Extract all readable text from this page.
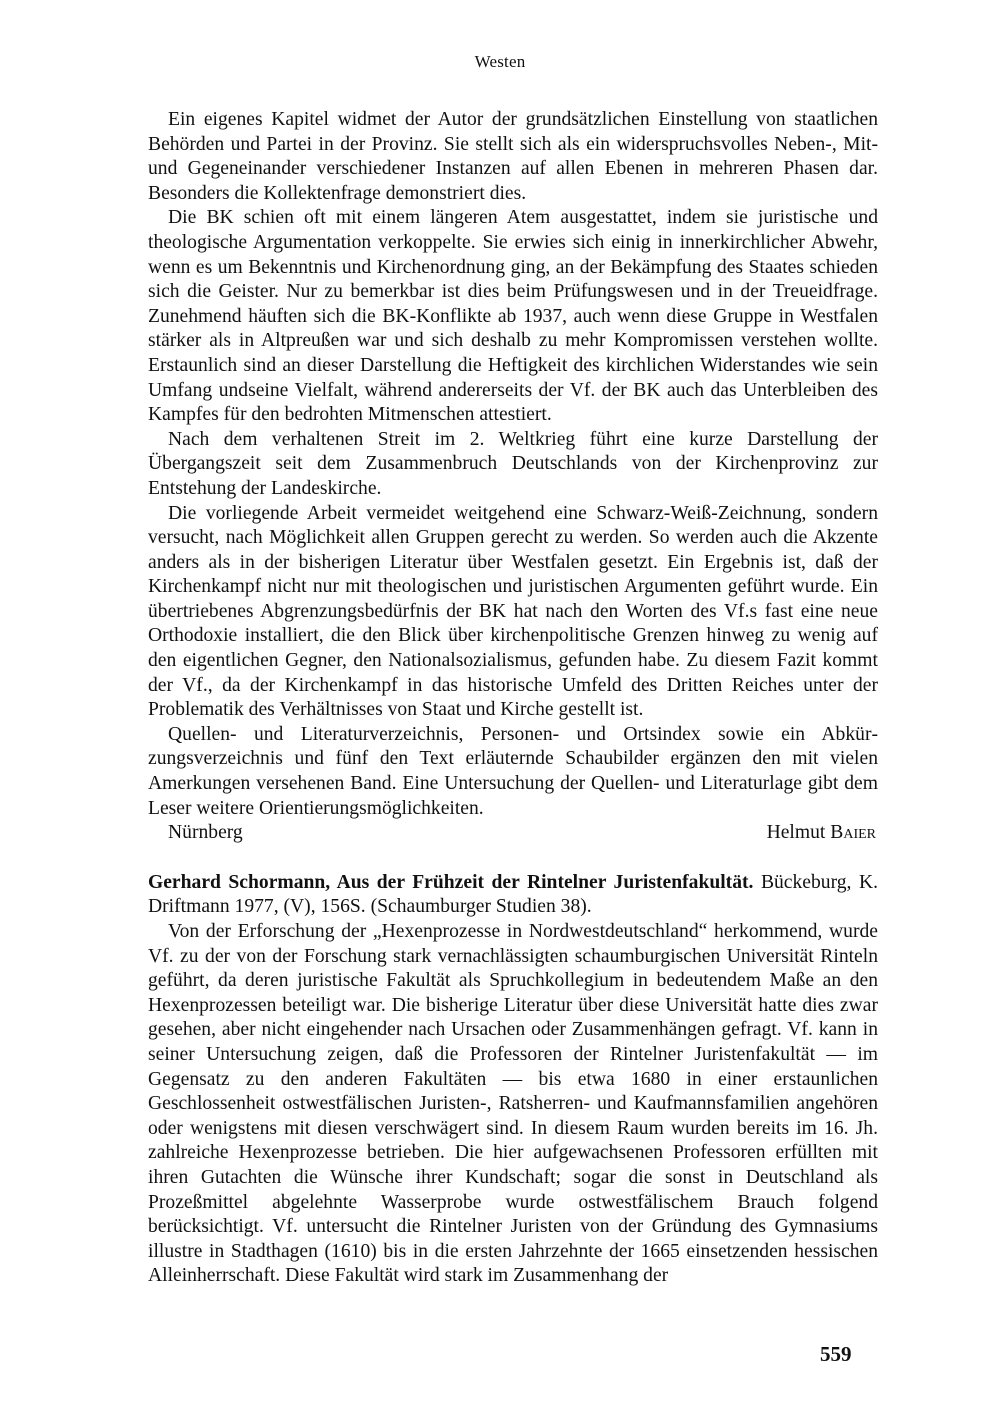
Westen

Ein eigenes Kapitel widmet der Autor der grundsätzlichen Einstellung von staatlichen Behörden und Partei in der Provinz. Sie stellt sich als ein widerspruchsvolles Neben-, Mit- und Gegeneinander verschiedener Instanzen auf allen Ebenen in mehreren Phasen dar. Besonders die Kollektenfrage demonstriert dies.

Die BK schien oft mit einem längeren Atem ausgestattet, indem sie juristische und theologische Argumentation verkoppelte. Sie erwies sich einig in innerkirchlicher Abwehr, wenn es um Bekenntnis und Kirchenordnung ging, an der Bekämpfung des Staates schieden sich die Geister. Nur zu bemerkbar ist dies beim Prüfungswesen und in der Treueidfrage. Zunehmend häuften sich die BK-Konflikte ab 1937, auch wenn diese Gruppe in Westfalen stärker als in Altpreußen war und sich deshalb zu mehr Kompromissen verstehen wollte. Erstaunlich sind an dieser Darstellung die Heftigkeit des kirchlichen Widerstandes wie sein Umfang undseine Vielfalt, während andererseits der Vf. der BK auch das Unterbleiben des Kampfes für den bedrohten Mitmenschen attestiert.

Nach dem verhaltenen Streit im 2. Weltkrieg führt eine kurze Darstellung der Übergangszeit seit dem Zusammenbruch Deutschlands von der Kirchenprovinz zur Entstehung der Landeskirche.

Die vorliegende Arbeit vermeidet weitgehend eine Schwarz-Weiß-Zeichnung, sondern versucht, nach Möglichkeit allen Gruppen gerecht zu werden. So werden auch die Akzente anders als in der bisherigen Literatur über Westfalen gesetzt. Ein Ergebnis ist, daß der Kirchenkampf nicht nur mit theologischen und juristischen Argumenten geführt wurde. Ein übertriebenes Abgrenzungsbedürfnis der BK hat nach den Worten des Vf.s fast eine neue Orthodoxie installiert, die den Blick über kirchenpolitische Grenzen hinweg zu wenig auf den eigentlichen Gegner, den Nationalsozialismus, gefunden habe. Zu diesem Fazit kommt der Vf., da der Kirchenkampf in das historische Umfeld des Dritten Reiches unter der Problematik des Verhältnisses von Staat und Kirche gestellt ist.

Quellen- und Literaturverzeichnis, Personen- und Ortsindex sowie ein Abkürzungsverzeichnis und fünf den Text erläuternde Schaubilder ergänzen den mit vielen Amerkungen versehenen Band. Eine Untersuchung der Quellen- und Literaturlage gibt dem Leser weitere Orientierungsmöglichkeiten.

Nürnberg	Helmut Baier

Gerhard Schormann, Aus der Frühzeit der Rintelner Juristenfakultät. Bückeburg, K. Driftmann 1977, (V), 156S. (Schaumburger Studien 38).

Von der Erforschung der „Hexenprozesse in Nordwestdeutschland“ herkommend, wurde Vf. zu der von der Forschung stark vernachlässigten schaumburgischen Universität Rinteln geführt, da deren juristische Fakultät als Spruchkollegium in bedeutendem Maße an den Hexenprozessen beteiligt war. Die bisherige Literatur über diese Universität hatte dies zwar gesehen, aber nicht eingehender nach Ursachen oder Zusammenhängen gefragt. Vf. kann in seiner Untersuchung zeigen, daß die Professoren der Rintelner Juristenfakultät — im Gegensatz zu den anderen Fakultäten — bis etwa 1680 in einer erstaunlichen Geschlossenheit ostwestfälischen Juristen-, Ratsherren- und Kaufmannsfamilien angehören oder wenigstens mit diesen verschwägert sind. In diesem Raum wurden bereits im 16. Jh. zahlreiche Hexenprozesse betrieben. Die hier aufgewachsenen Professoren erfüllten mit ihren Gutachten die Wünsche ihrer Kundschaft; sogar die sonst in Deutschland als Prozeßmittel abgelehnte Wasserprobe wurde ostwestfälischem Brauch folgend berücksichtigt. Vf. untersucht die Rintelner Juristen von der Gründung des Gymnasiums illustre in Stadthagen (1610) bis in die ersten Jahrzehnte der 1665 einsetzenden hessischen Alleinherrschaft. Diese Fakultät wird stark im Zusammenhang der

559
